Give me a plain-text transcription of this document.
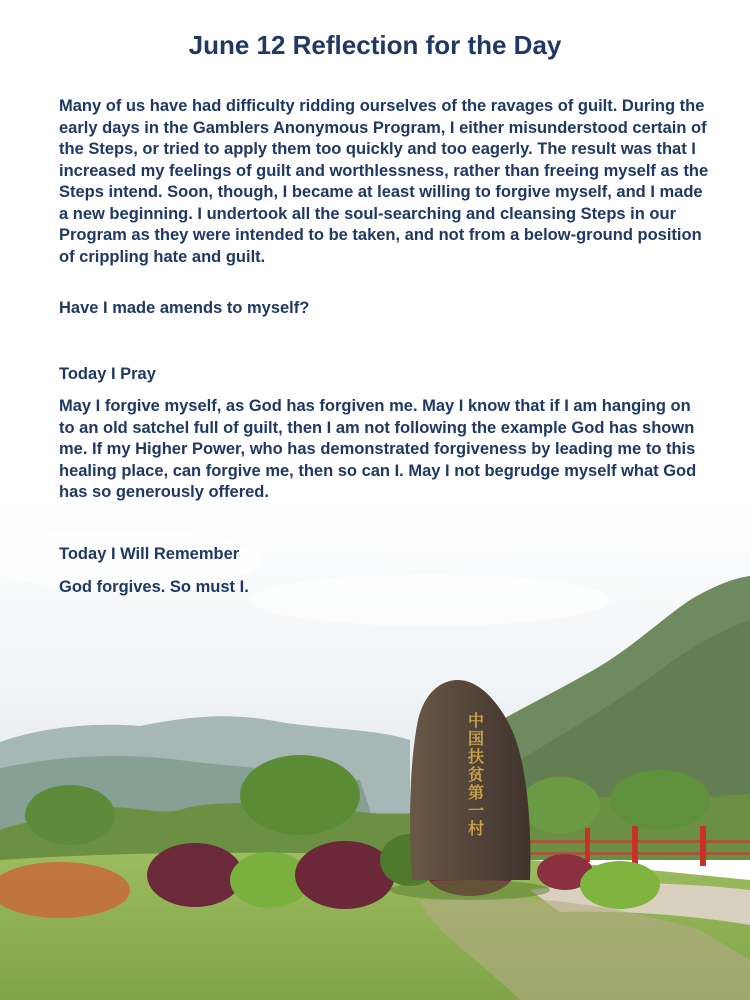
中国扶贫第一村
June 12 Reflection for the Day

Many of us have had difficulty ridding ourselves of the ravages of guilt. During the early days in the Gamblers Anonymous Program, I either misunderstood certain of the Steps, or tried to apply them too quickly and too eagerly. The result was that I increased my feelings of guilt and worthlessness, rather than freeing myself as the Steps intend. Soon, though, I became at least willing to forgive myself, and I made a new beginning. I undertook all the soul-searching and cleansing Steps in our Program as they were intended to be taken, and not from a below-ground position of crippling hate and guilt.

Have I made amends to myself?

Today I Pray

May I forgive myself, as God has forgiven me. May I know that if I am hanging on to an old satchel full of guilt, then I am not following the example God has shown me. If my Higher Power, who has demonstrated forgiveness by leading me to this healing place, can forgive me, then so can I. May I not begrudge myself what God has so generously offered.

Today I Will Remember

God forgives. So must I.
